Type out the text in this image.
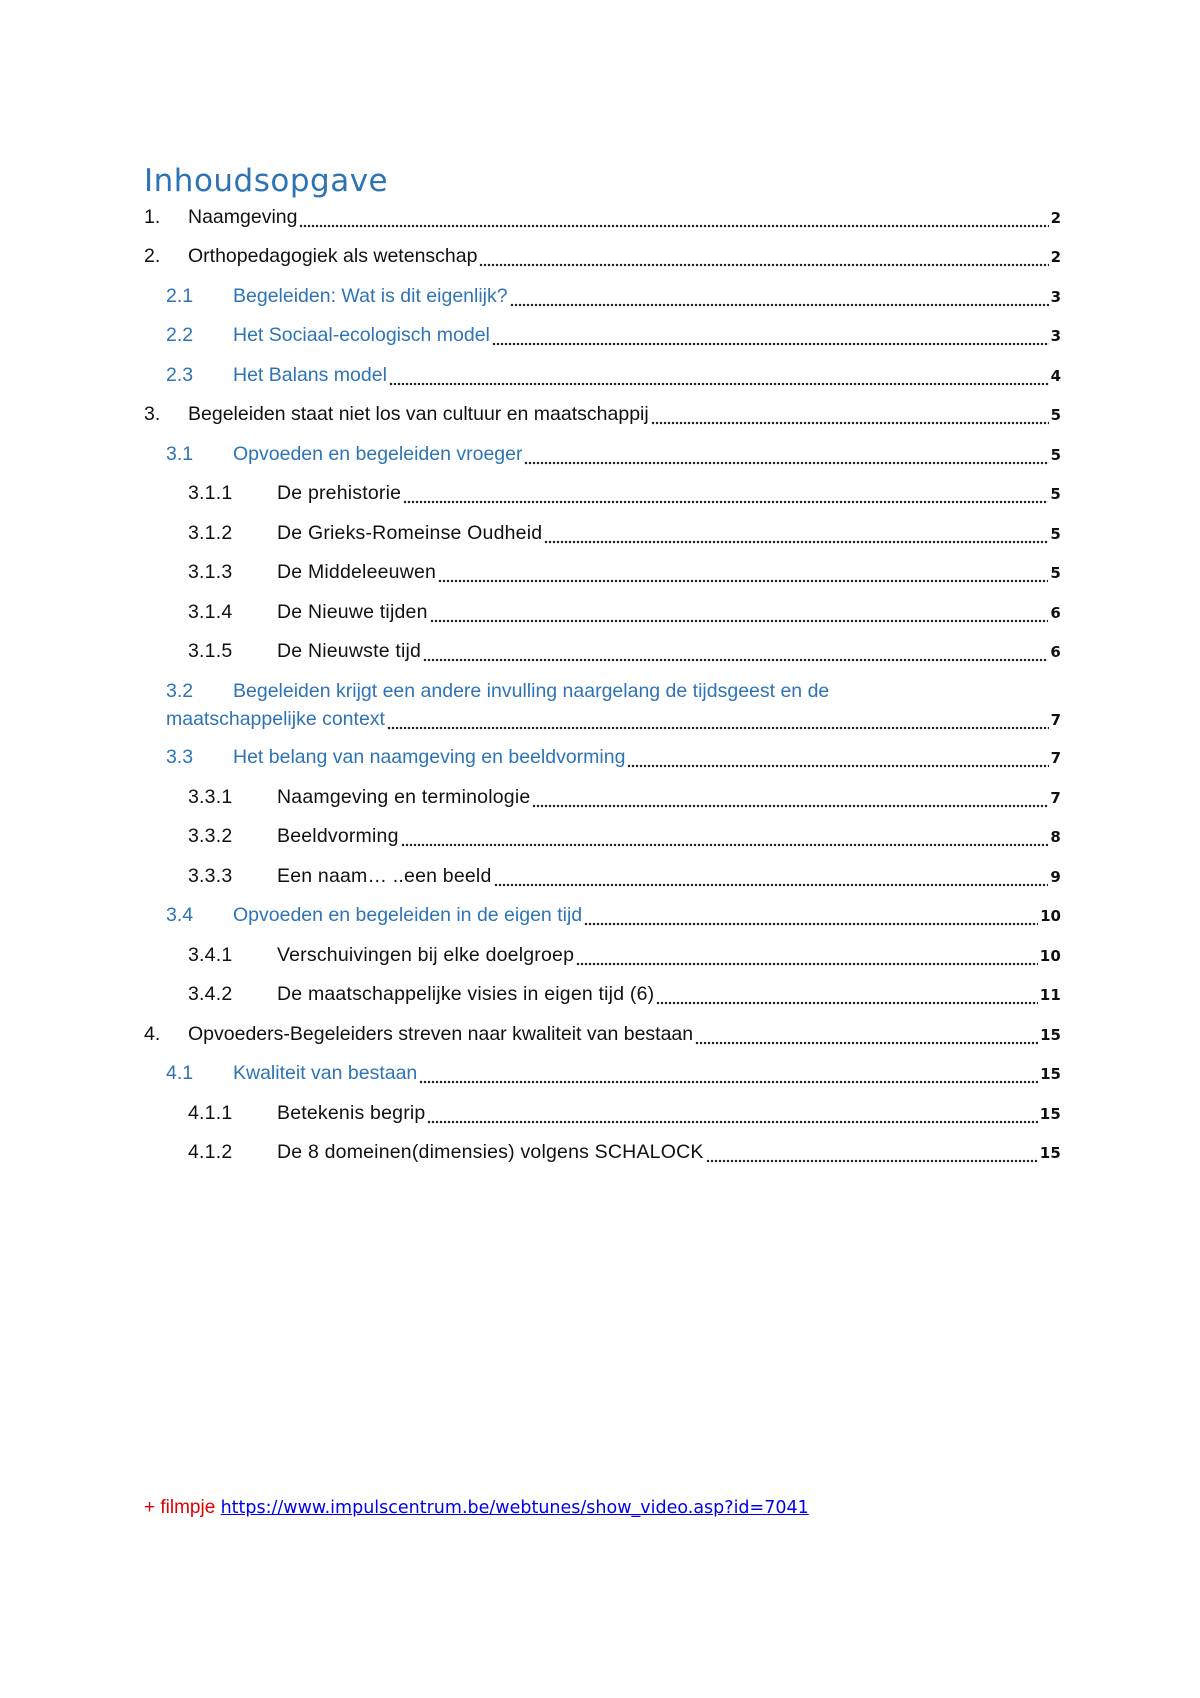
Inhoudsopgave
1.	Naamgeving	2
2.	Orthopedagogiek als wetenschap	2
2.1	Begeleiden: Wat is dit eigenlijk?	3
2.2	Het Sociaal-ecologisch model	3
2.3	Het Balans model	4
3.	Begeleiden staat niet los van cultuur en maatschappij	5
3.1	Opvoeden en begeleiden vroeger	5
3.1.1	De prehistorie	5
3.1.2	De Grieks-Romeinse Oudheid	5
3.1.3	De Middeleeuwen	5
3.1.4	De Nieuwe tijden	6
3.1.5	De Nieuwste tijd	6
3.2 Begeleiden krijgt een andere invulling naargelang de tijdsgeest en de
maatschappelijke context	7
3.3	Het belang van naamgeving en beeldvorming	7
3.3.1	Naamgeving en terminologie	7
3.3.2	Beeldvorming	8
3.3.3	Een naam… ..een beeld	9
3.4	Opvoeden en begeleiden in de eigen tijd	10
3.4.1	Verschuivingen bij elke doelgroep	10
3.4.2	De maatschappelijke visies in eigen tijd (6)	11
4.	Opvoeders-Begeleiders streven naar kwaliteit van bestaan	15
4.1	Kwaliteit van bestaan	15
4.1.1	Betekenis begrip	15
4.1.2	De 8 domeinen(dimensies) volgens SCHALOCK	15
+ filmpje https://www.impulscentrum.be/webtunes/show_video.asp?id=7041
